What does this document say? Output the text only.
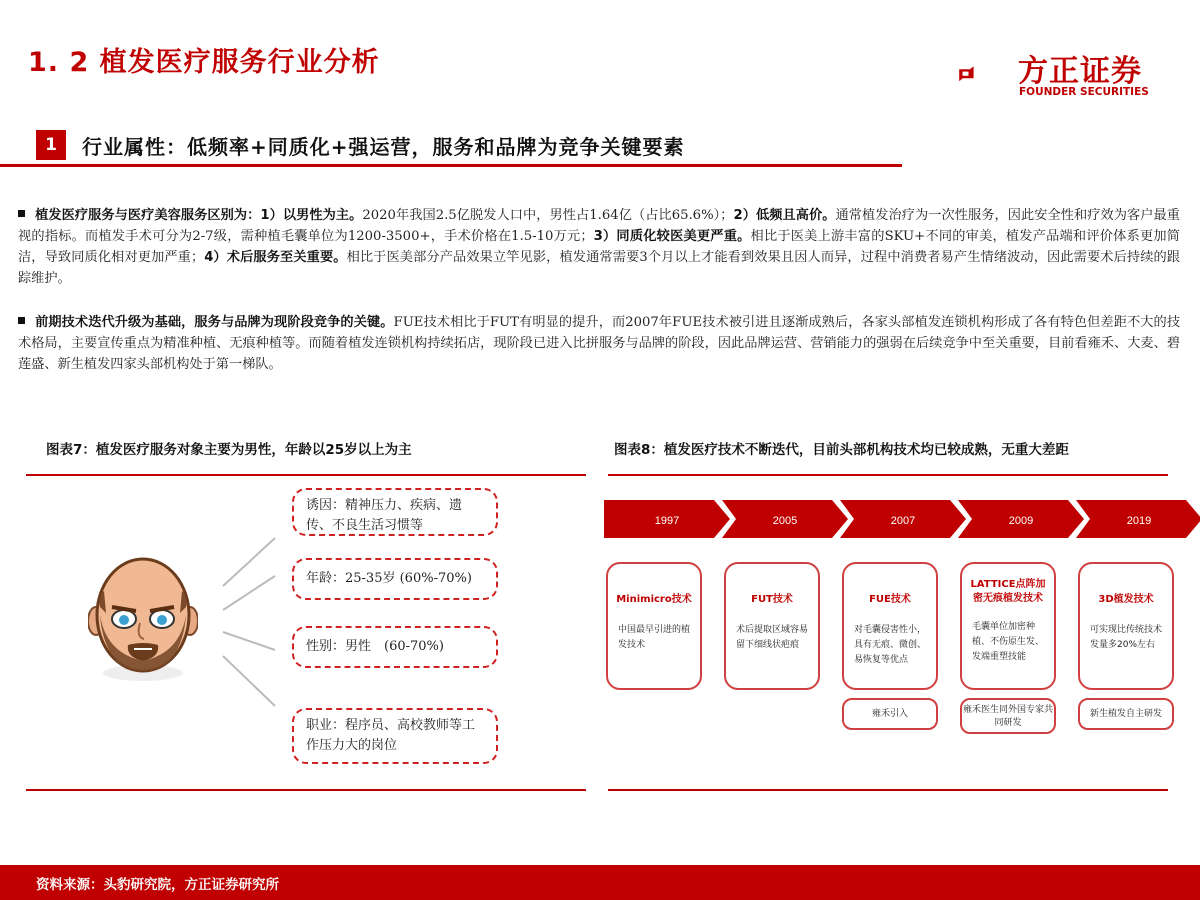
1. 2 植发医疗服务行业分析	方正证券
FOUNDER SECURITIES
1	行业属性：低频率+同质化+强运营，服务和品牌为竞争关键要素
植发医疗服务与医疗美容服务区别为：1）以男性为主。2020年我国2.5亿脱发人口中，男性占1.64亿（占比65.6%）；2）低频且高价。通常植发治疗为一次性服务，因此安全性和疗效为客户最重视的指标。而植发手术可分为2-7级，需种植毛囊单位为1200-3500+，手术价格在1.5-10万元；3）同质化较医美更严重。相比于医美上游丰富的SKU+不同的审美，植发产品端和评价体系更加简洁，导致同质化相对更加严重；4）术后服务至关重要。相比于医美部分产品效果立竿见影，植发通常需要3个月以上才能看到效果且因人而异，过程中消费者易产生情绪波动，因此需要术后持续的跟踪维护。
前期技术迭代升级为基础，服务与品牌为现阶段竞争的关键。FUE技术相比于FUT有明显的提升，而2007年FUE技术被引进且逐渐成熟后，各家头部植发连锁机构形成了各有特色但差距不大的技术格局，主要宣传重点为精准种植、无痕种植等。而随着植发连锁机构持续拓店，现阶段已进入比拼服务与品牌的阶段，因此品牌运营、营销能力的强弱在后续竞争中至关重要，目前看雍禾、大麦、碧莲盛、新生植发四家头部机构处于第一梯队。
图表7：植发医疗服务对象主要为男性，年龄以25岁以上为主
诱因：精神压力、疾病、遗传、不良生活习惯等
年龄：25-35岁 (60%-70%)
性别：男性　(60-70%)
职业：程序员、高校教师等工作压力大的岗位
图表8：植发医疗技术不断迭代，目前头部机构技术均已较成熟，无重大差距
1997
Minimicro技术
中国最早引进的植发技术
2005
FUT技术
术后提取区域容易留下细线状疤痕
2007
FUE技术
对毛囊侵害性小，具有无痕、微创、易恢复等优点
雍禾引入
2009
LATTICE点阵加密无痕植发技术
毛囊单位加密种植、不伤原生发、发端重塑技能
雍禾医生同外国专家共同研发
2019
3D植发技术
可实现比传统技术发量多20%左右
新生植发自主研发
资料来源：头豹研究院，方正证券研究所
